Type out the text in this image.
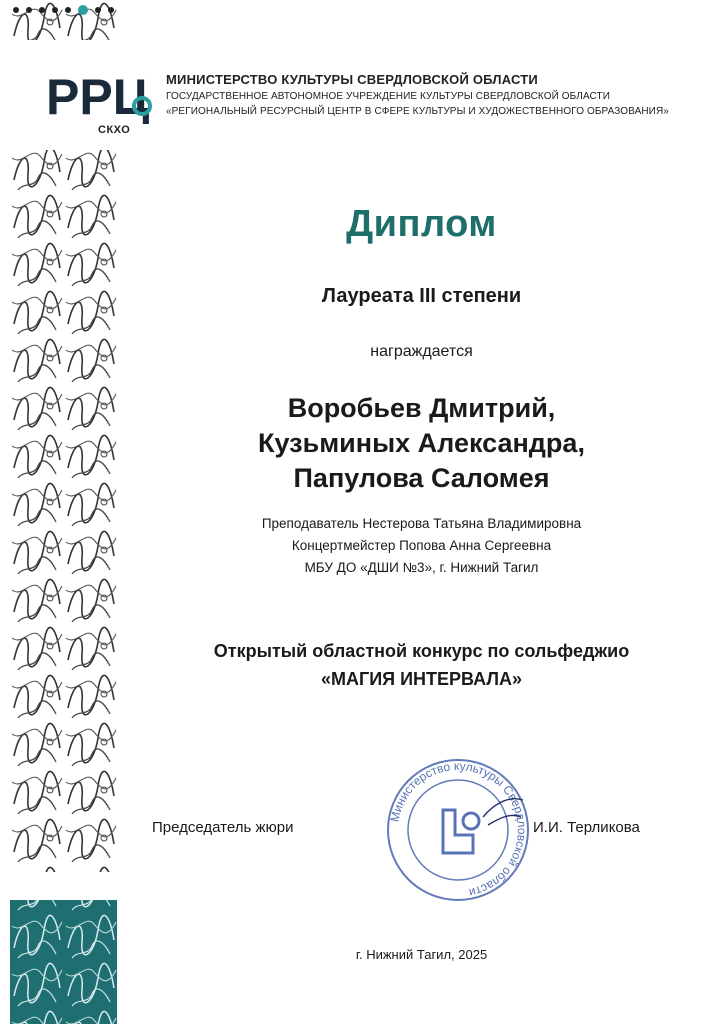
РРЦ
СКХО
МИНИСТЕРСТВО КУЛЬТУРЫ СВЕРДЛОВСКОЙ ОБЛАСТИ
ГОСУДАРСТВЕННОЕ АВТОНОМНОЕ УЧРЕЖДЕНИЕ КУЛЬТУРЫ СВЕРДЛОВСКОЙ ОБЛАСТИ
«РЕГИОНАЛЬНЫЙ РЕСУРСНЫЙ ЦЕНТР В СФЕРЕ КУЛЬТУРЫ И ХУДОЖЕСТВЕННОГО ОБРАЗОВАНИЯ»
Диплом
Лауреата III степени
награждается
Воробьев Дмитрий,
Кузьминых Александра,
Папулова Саломея
Преподаватель Нестерова Татьяна Владимировна
Концертмейстер Попова Анна Сергеевна
МБУ ДО «ДШИ №3», г. Нижний Тагил
Открытый областной конкурс по сольфеджио
«МАГИЯ ИНТЕРВАЛА»
Председатель жюри
Министерство культуры Свердловской области
И.И. Терликова
г. Нижний Тагил, 2025
